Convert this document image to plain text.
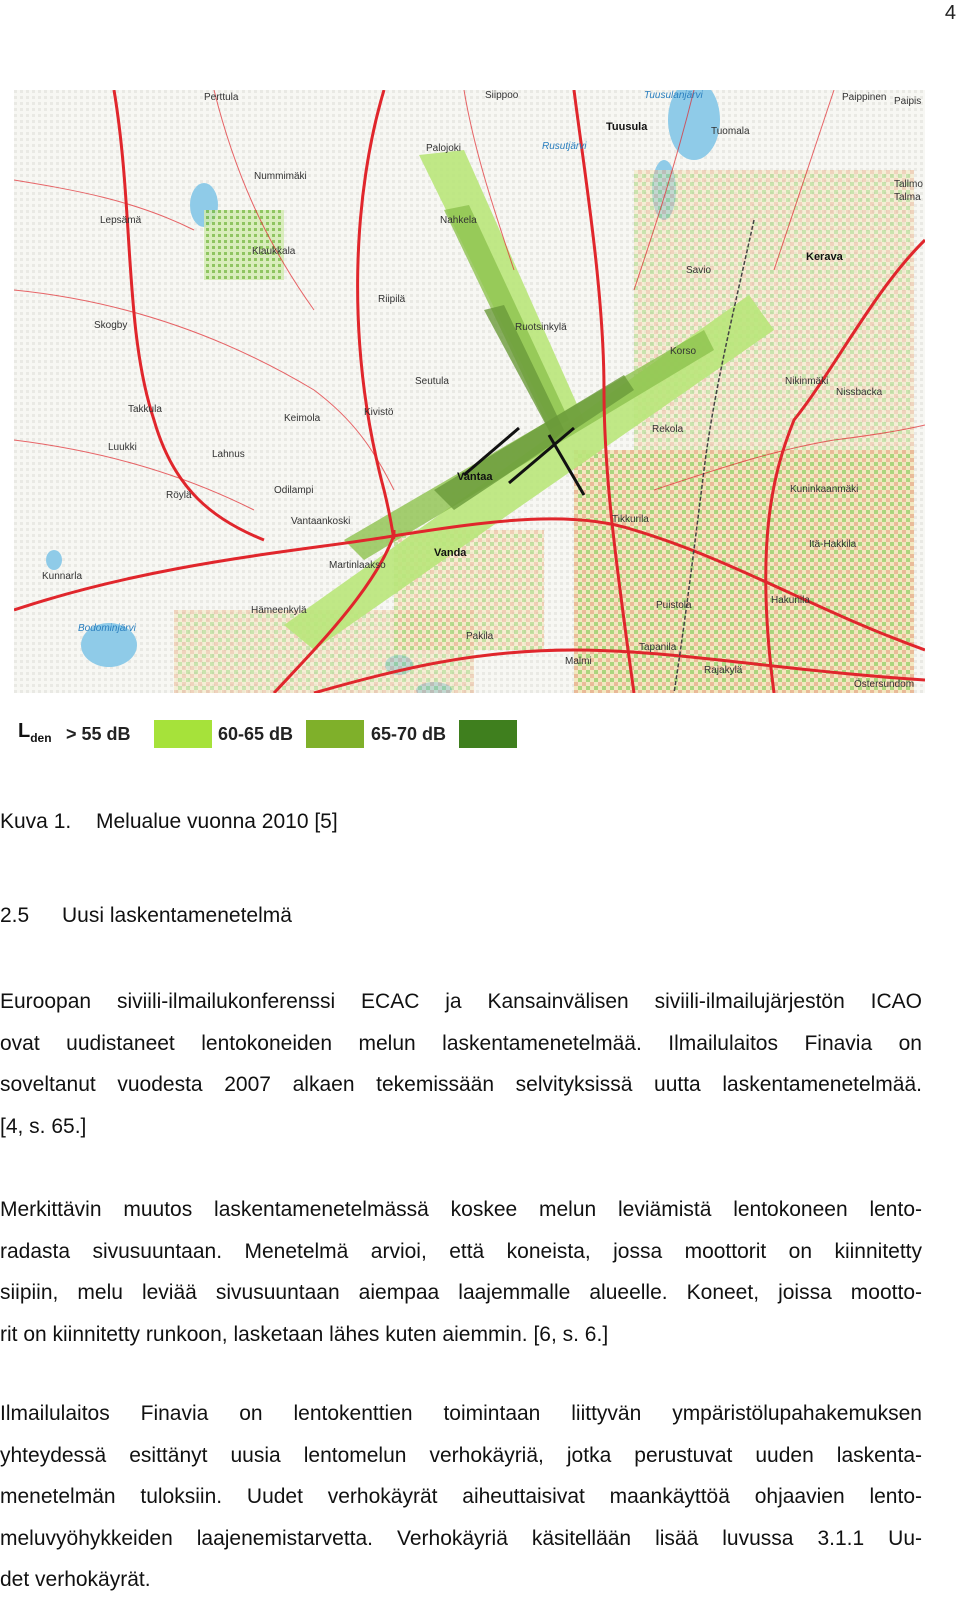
4
Perttula	Siippoo	Tuusulanjärvi	Paippinen Paipis
Tuusula	Tuomala
Palojoki	Rusutjärvi
Nummimäki
Tallmo
Talma
Lepsämä	Nahkela
Klaukkala
Savio
Kerava
Skogby
Riipilä
Ruotsinkylä
Korso
Seutula	Nikinmäki
Nissbacka
Takkula
Keimola
Kivistö
Rekola
Luukki
Lahnus
Vantaa
Röylä	Odilampi	Kuninkaanmäki
Vantaankoski	Tikkurila
Itä-Hakkila
Vanda
Kunnarla
Martinlaakso
Hämeenkylä	Puistola	Hakunila
Bodominjärvi
Pakila
Tapanila
Malmi
Rajakylä
Östersundom
$L_{den} > 55$ dB	60-65 dB	65-70 dB
Kuva 1. Melualue vuonna 2010 [5]
2.5 Uusi laskentamenetelmä

Euroopan siviili-ilmailukonferenssi ECAC ja Kansainvälisen siviili-ilmailujärjestön ICAO
ovat uudistaneet lentokoneiden melun laskentamenetelmää. Ilmailulaitos Finavia on
soveltanut vuodesta 2007 alkaen tekemissään selvityksissä uutta laskentamenetelmää.
[4, s. 65.]

Merkittävin muutos laskentamenetelmässä koskee melun leviämistä lentokoneen lento-
radasta sivusuuntaan. Menetelmä arvioi, että koneista, jossa moottorit on kiinnitetty
siipiin, melu leviää sivusuuntaan aiempaa laajemmalle alueelle. Koneet, joissa mootto-
rit on kiinnitetty runkoon, lasketaan lähes kuten aiemmin. [6, s. 6.]

Ilmailulaitos Finavia on lentokenttien toimintaan liittyvän ympäristölupahakemuksen
yhteydessä esittänyt uusia lentomelun verhokäyriä, jotka perustuvat uuden laskenta-
menetelmän tuloksiin. Uudet verhokäyrät aiheuttaisivat maankäyttöä ohjaavien lento-
meluvyöhykkeiden laajenemistarvetta. Verhokäyriä käsitellään lisää luvussa 3.1.1 Uu-
det verhokäyrät.
